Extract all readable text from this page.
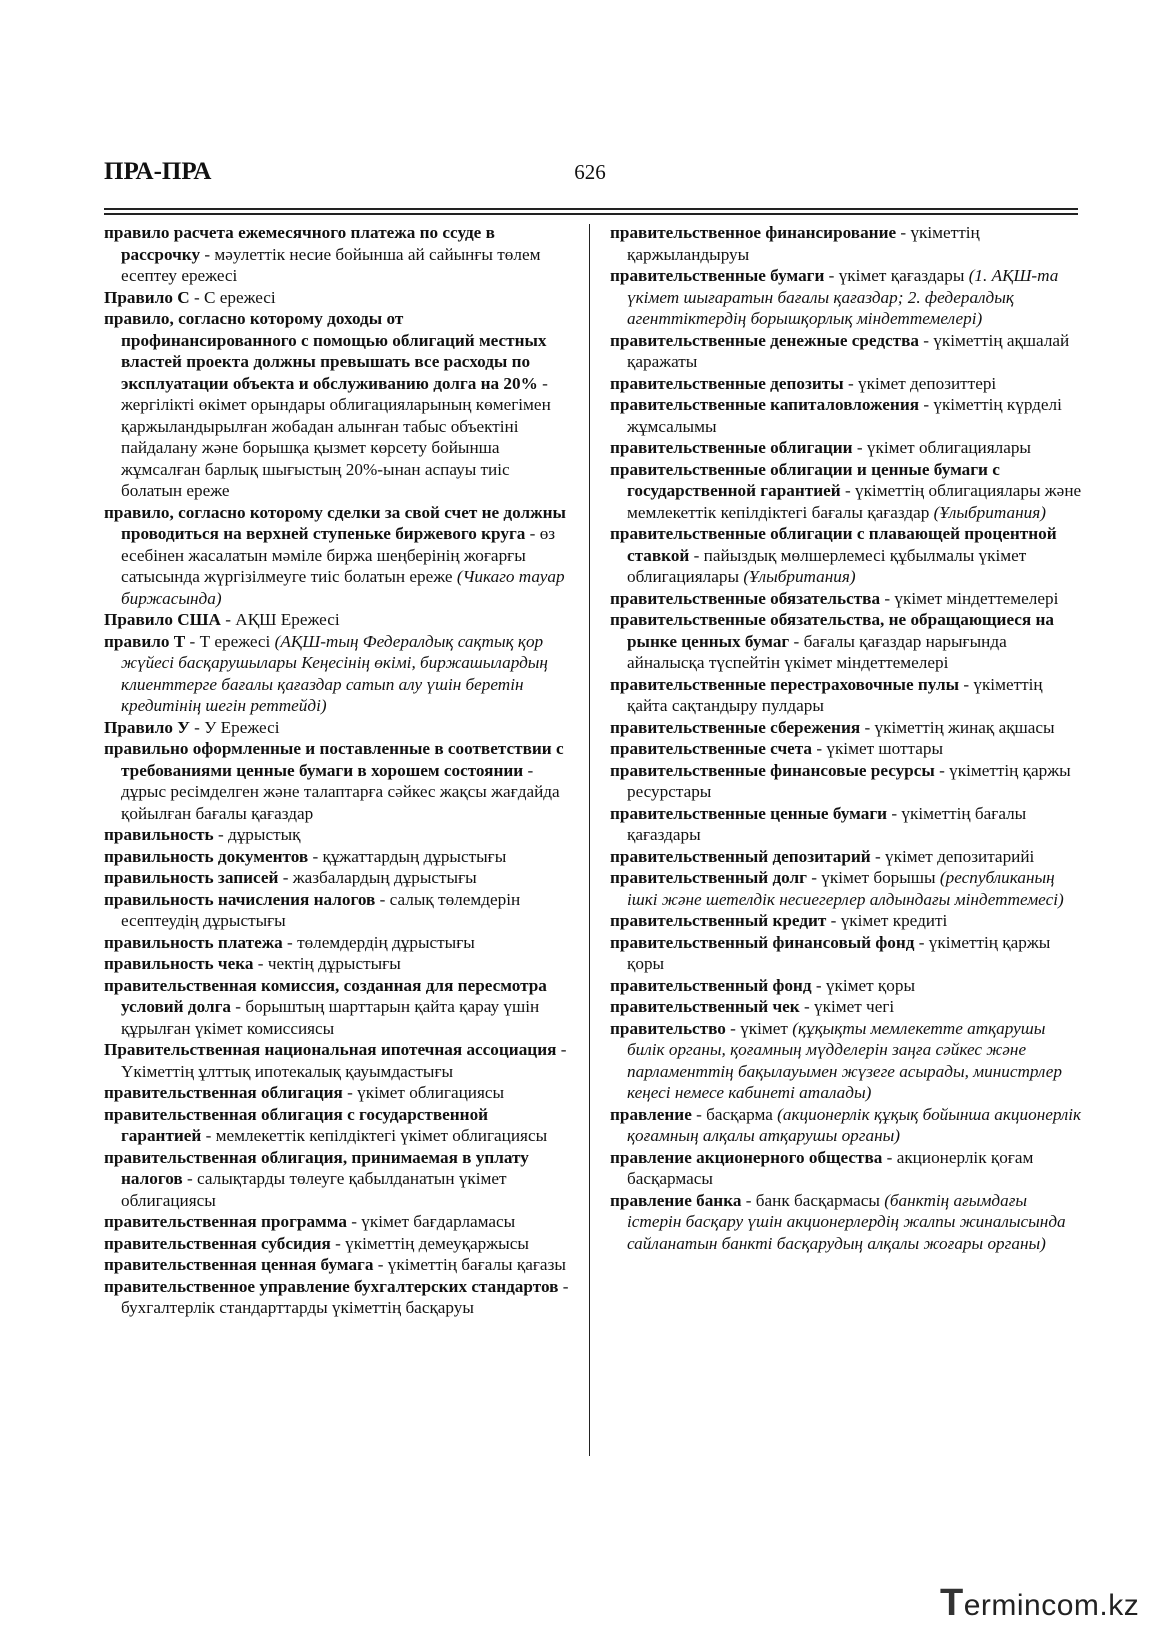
ПРА-ПРА	626

правило расчета ежемесячного платежа по ссуде в рассрочку - мәулеттік несие бойынша ай сайынғы төлем есептеу ережесі

Правило С - С ережесі

правило, согласно которому доходы от профинансированного с помощью облигаций местных властей проекта должны превышать все расходы по эксплуатации объекта и обслуживанию долга на 20% - жергілікті өкімет орындары облигацияларының көмегімен қаржыландырылған жобадан алынған табыс объектіні пайдалану және борышқа қызмет көрсету бойынша жұмсалған барлық шығыстың 20%-ынан аспауы тиіс болатын ереже

правило, согласно которому сделки за свой счет не должны проводиться на верхней ступеньке биржевого круга - өз есебінен жасалатын мәміле биржа шеңберінің жоғарғы сатысында жүргізілмеуге тиіс болатын ереже (Чикаго тауар биржасында)

Правило США - АҚШ Ережесі

правило Т - Т ережесі (АҚШ-тың Федералдық сақтық қор жүйесі басқарушылары Кеңесінің өкімі, биржашылардың клиенттерге бағалы қағаздар сатып алу үшін беретін кредитінің шегін реттейді)

Правило У - У Ережесі

правильно оформленные и поставленные в соответствии с требованиями ценные бумаги в хорошем состоянии - дұрыс ресімделген және талаптарға сәйкес жақсы жағдайда қойылған бағалы қағаздар

правильность - дұрыстық

правильность документов - құжаттардың дұрыстығы

правильность записей - жазбалардың дұрыстығы

правильность начисления налогов - салық төлемдерін есептеудің дұрыстығы

правильность платежа - төлемдердің дұрыстығы

правильность чека - чектің дұрыстығы

правительственная комиссия, созданная для пересмотра условий долга - борыштың шарттарын қайта қарау үшін құрылған үкімет комиссиясы

Правительственная национальная ипотечная ассоциация - Үкіметтің ұлттық ипотекалық қауымдастығы

правительственная облигация - үкімет облигациясы

правительственная облигация с государственной гарантией - мемлекеттік кепілдіктегі үкімет облигациясы

правительственная облигация, принимаемая в уплату налогов - салықтарды төлеуге қабылданатын үкімет облигациясы

правительственная программа - үкімет бағдарламасы

правительственная субсидия - үкіметтің демеуқаржысы

правительственная ценная бумага - үкіметтің бағалы қағазы

правительственное управление бухгалтерских стандартов - бухгалтерлік стандарттарды үкіметтің басқаруы

правительственное финансирование - үкіметтің қаржыландыруы

правительственные бумаги - үкімет қағаздары (1. АҚШ-та үкімет шығаратын бағалы қағаздар; 2. федералдық агенттіктердің борышқорлық міндеттемелері)

правительственные денежные средства - үкіметтің ақшалай қаражаты

правительственные депозиты - үкімет депозиттері

правительственные капиталовложения - үкіметтің күрделі жұмсалымы

правительственные облигации - үкімет облигациялары

правительственные облигации и ценные бумаги с государственной гарантией - үкіметтің облигациялары және мемлекеттік кепілдіктегі бағалы қағаздар (Ұлыбритания)

правительственные облигации с плавающей процентной ставкой - пайыздық мөлшерлемесі құбылмалы үкімет облигациялары (Ұлыбритания)

правительственные обязательства - үкімет міндеттемелері

правительственные обязательства, не обращающиеся на рынке ценных бумаг - бағалы қағаздар нарығында айналысқа түспейтін үкімет міндеттемелері

правительственные перестраховочные пулы - үкіметтің қайта сақтандыру пулдары

правительственные сбережения - үкіметтің жинақ ақшасы

правительственные счета - үкімет шоттары

правительственные финансовые ресурсы - үкіметтің қаржы ресурстары

правительственные ценные бумаги - үкіметтің бағалы қағаздары

правительственный депозитарий - үкімет депозитарийі

правительственный долг - үкімет борышы (республиканың ішкі және шетелдік несиегерлер алдындағы міндеттемесі)

правительственный кредит - үкімет кредиті

правительственный финансовый фонд - үкіметтің қаржы қоры

правительственный фонд - үкімет қоры

правительственный чек - үкімет чегі

правительство - үкімет (құқықты мемлекетте атқарушы билік органы, қоғамның мүдделерін заңға сәйкес және парламенттің бақылауымен жүзеге асырады, министрлер кеңесі немесе кабинеті аталады)

правление - басқарма (акционерлік құқық бойынша акционерлік қоғамның алқалы атқарушы органы)

правление акционерного общества - акционерлік қоғам басқармасы

правление банка - банк басқармасы (банктің ағымдағы істерін басқару үшін акционерлердің жалпы жиналысында сайланатын банкті басқарудың алқалы жоғары органы)

Termincom.kz
